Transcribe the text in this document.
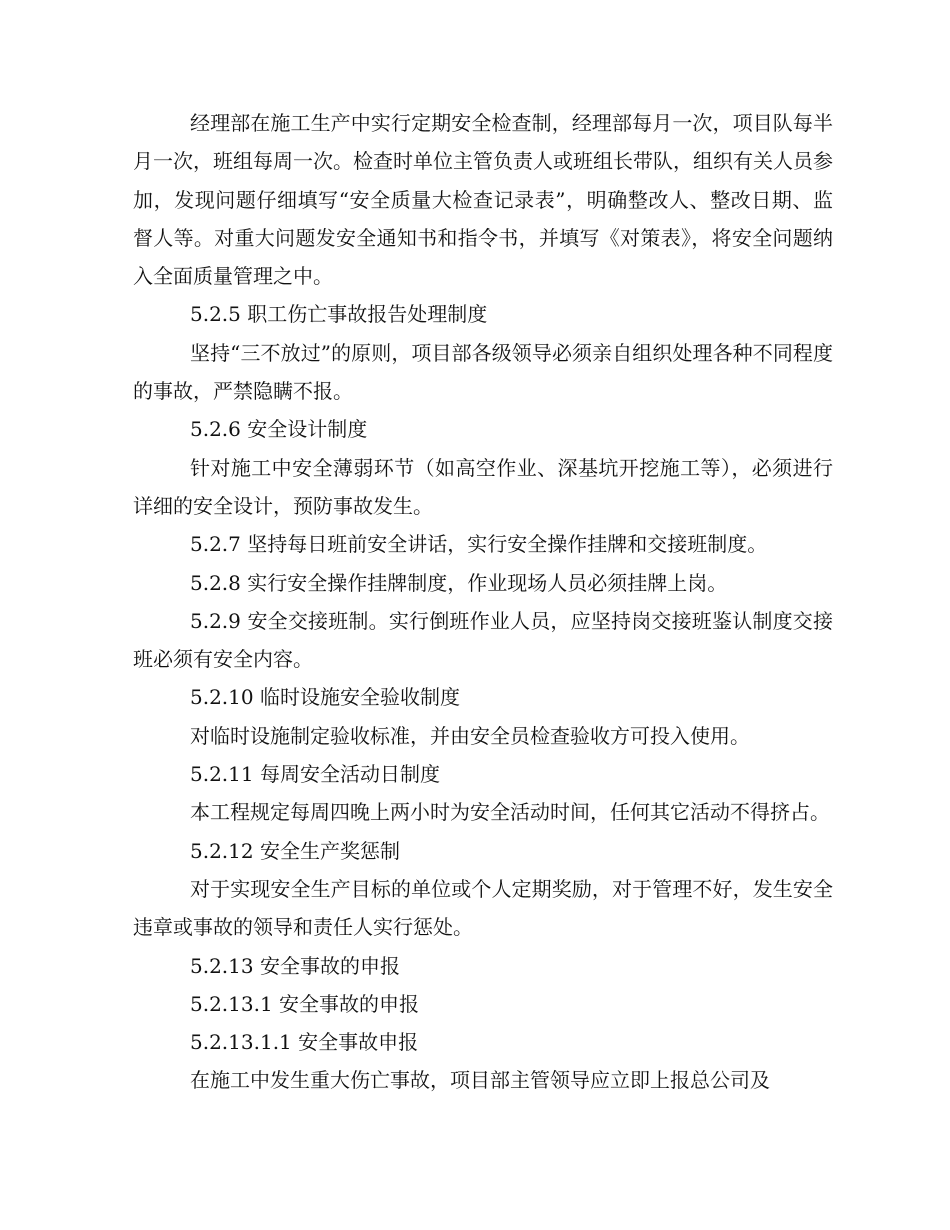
经理部在施工生产中实行定期安全检查制，经理部每月一次，项目队每半月一次，班组每周一次。检查时单位主管负责人或班组长带队，组织有关人员参加，发现问题仔细填写“安全质量大检查记录表”，明确整改人、整改日期、监督人等。对重大问题发安全通知书和指令书，并填写《对策表》，将安全问题纳入全面质量管理之中。

5.2.5 职工伤亡事故报告处理制度

坚持“三不放过”的原则，项目部各级领导必须亲自组织处理各种不同程度的事故，严禁隐瞒不报。

5.2.6 安全设计制度

针对施工中安全薄弱环节（如高空作业、深基坑开挖施工等），必须进行详细的安全设计，预防事故发生。

5.2.7 坚持每日班前安全讲话，实行安全操作挂牌和交接班制度。

5.2.8 实行安全操作挂牌制度，作业现场人员必须挂牌上岗。

5.2.9 安全交接班制。实行倒班作业人员，应坚持岗交接班鉴认制度交接班必须有安全内容。

5.2.10 临时设施安全验收制度

对临时设施制定验收标准，并由安全员检查验收方可投入使用。

5.2.11 每周安全活动日制度

本工程规定每周四晚上两小时为安全活动时间，任何其它活动不得挤占。

5.2.12 安全生产奖惩制

对于实现安全生产目标的单位或个人定期奖励，对于管理不好，发生安全违章或事故的领导和责任人实行惩处。

5.2.13 安全事故的申报

5.2.13.1 安全事故的申报

5.2.13.1.1 安全事故申报

在施工中发生重大伤亡事故，项目部主管领导应立即上报总公司及
